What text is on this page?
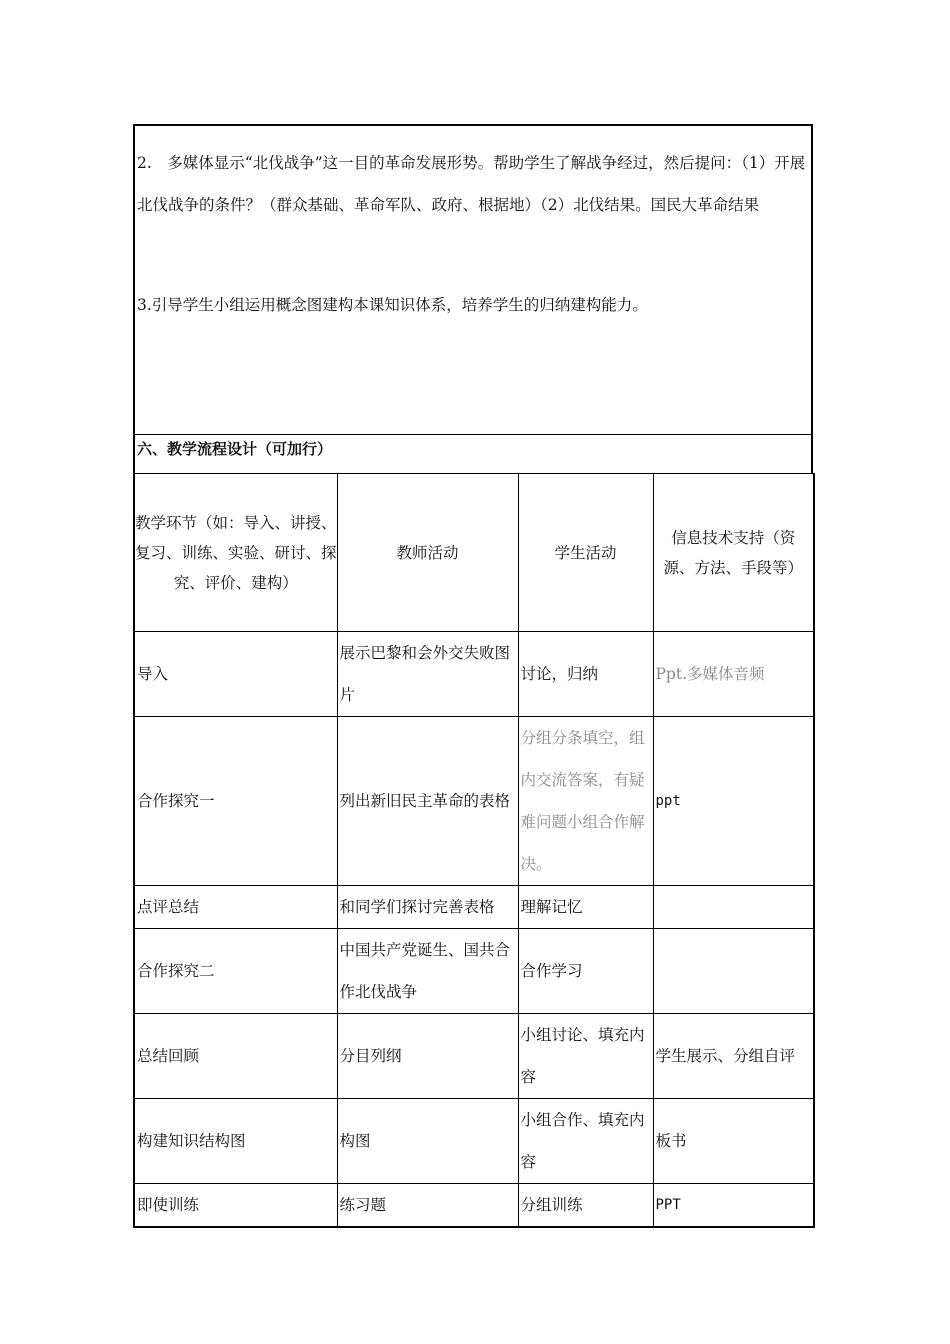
2.　多媒体显示“北伐战争”这一目的革命发展形势。帮助学生了解战争经过，然后提问：（1）开展北伐战争的条件？（群众基础、革命军队、政府、根据地）（2）北伐结果。国民大革命结果

3.引导学生小组运用概念图建构本课知识体系，培养学生的归纳建构能力。

六、教学流程设计（可加行）
教学环节（如：导入、讲授、复习、训练、实验、研讨、探究、评价、建构）	教师活动	学生活动	信息技术支持（资源、方法、手段等）
导入	展示巴黎和会外交失败图片	讨论，归纳	Ppt.多媒体音频
合作探究一	列出新旧民主革命的表格	分组分条填空，组内交流答案，有疑难问题小组合作解决。	ppt
点评总结	和同学们探讨完善表格	理解记忆	
合作探究二	中国共产党诞生、国共合作北伐战争	合作学习	
总结回顾	分目列纲	小组讨论、填充内容	学生展示、分组自评
构建知识结构图	构图	小组合作、填充内容	板书
即使训练	练习题	分组训练	PPT
